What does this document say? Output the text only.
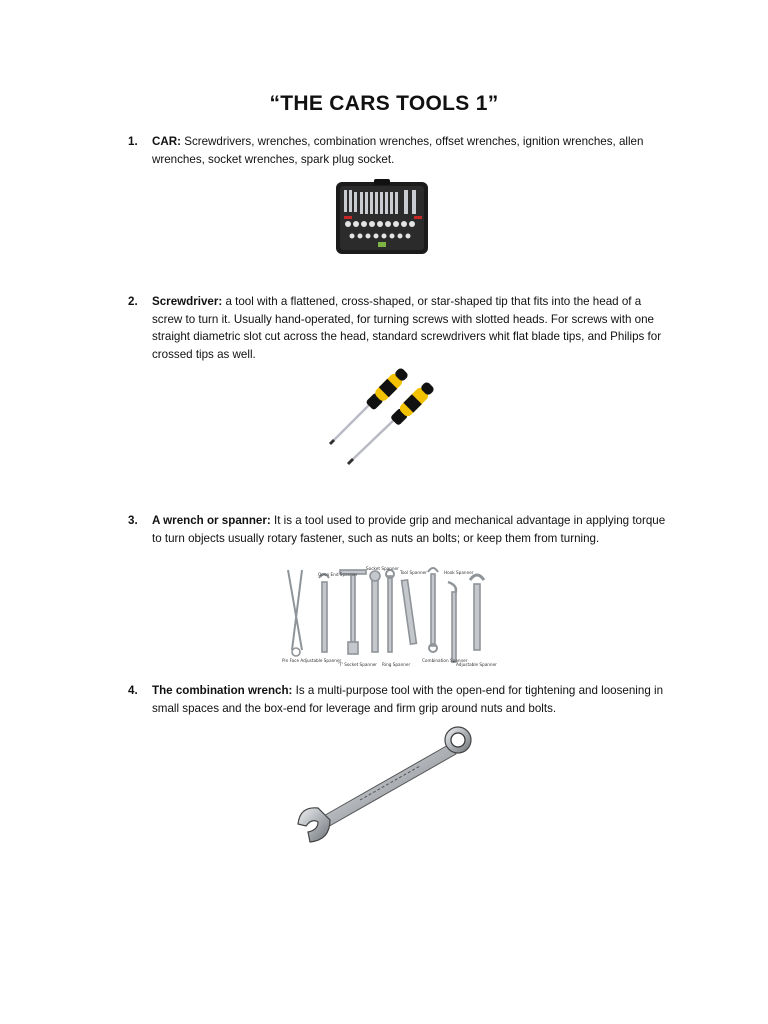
“THE CARS TOOLS 1”
1. CAR: Screwdrivers, wrenches, combination wrenches, offset wrenches, ignition wrenches, allen wrenches, socket wrenches, spark plug socket.
2. Screwdriver: a tool with a flattened, cross-shaped, or star-shaped tip that fits into the head of a screw to turn it. Usually hand-operated, for turning screws with slotted heads. For screws with one straight diametric slot cut across the head, standard screwdrivers whit flat blade tips, and Philips for crossed tips as well.
3. A wrench or spanner: It is a tool used to provide grip and mechanical advantage in applying torque to turn objects usually rotary fastener, such as nuts an bolts; or keep them from turning.
Pin Face Adjustable Spanner
Open End Spanner
'T' Socket Spanner
Socket Spanner
Ring Spanner
Tool Spanner
Combination Spanner
Hook Spanner
Adjustable Spanner
4. The combination wrench: Is a multi-purpose tool with the open-end for tightening and loosening in small spaces and the box-end for leverage and firm grip around nuts and bolts.
